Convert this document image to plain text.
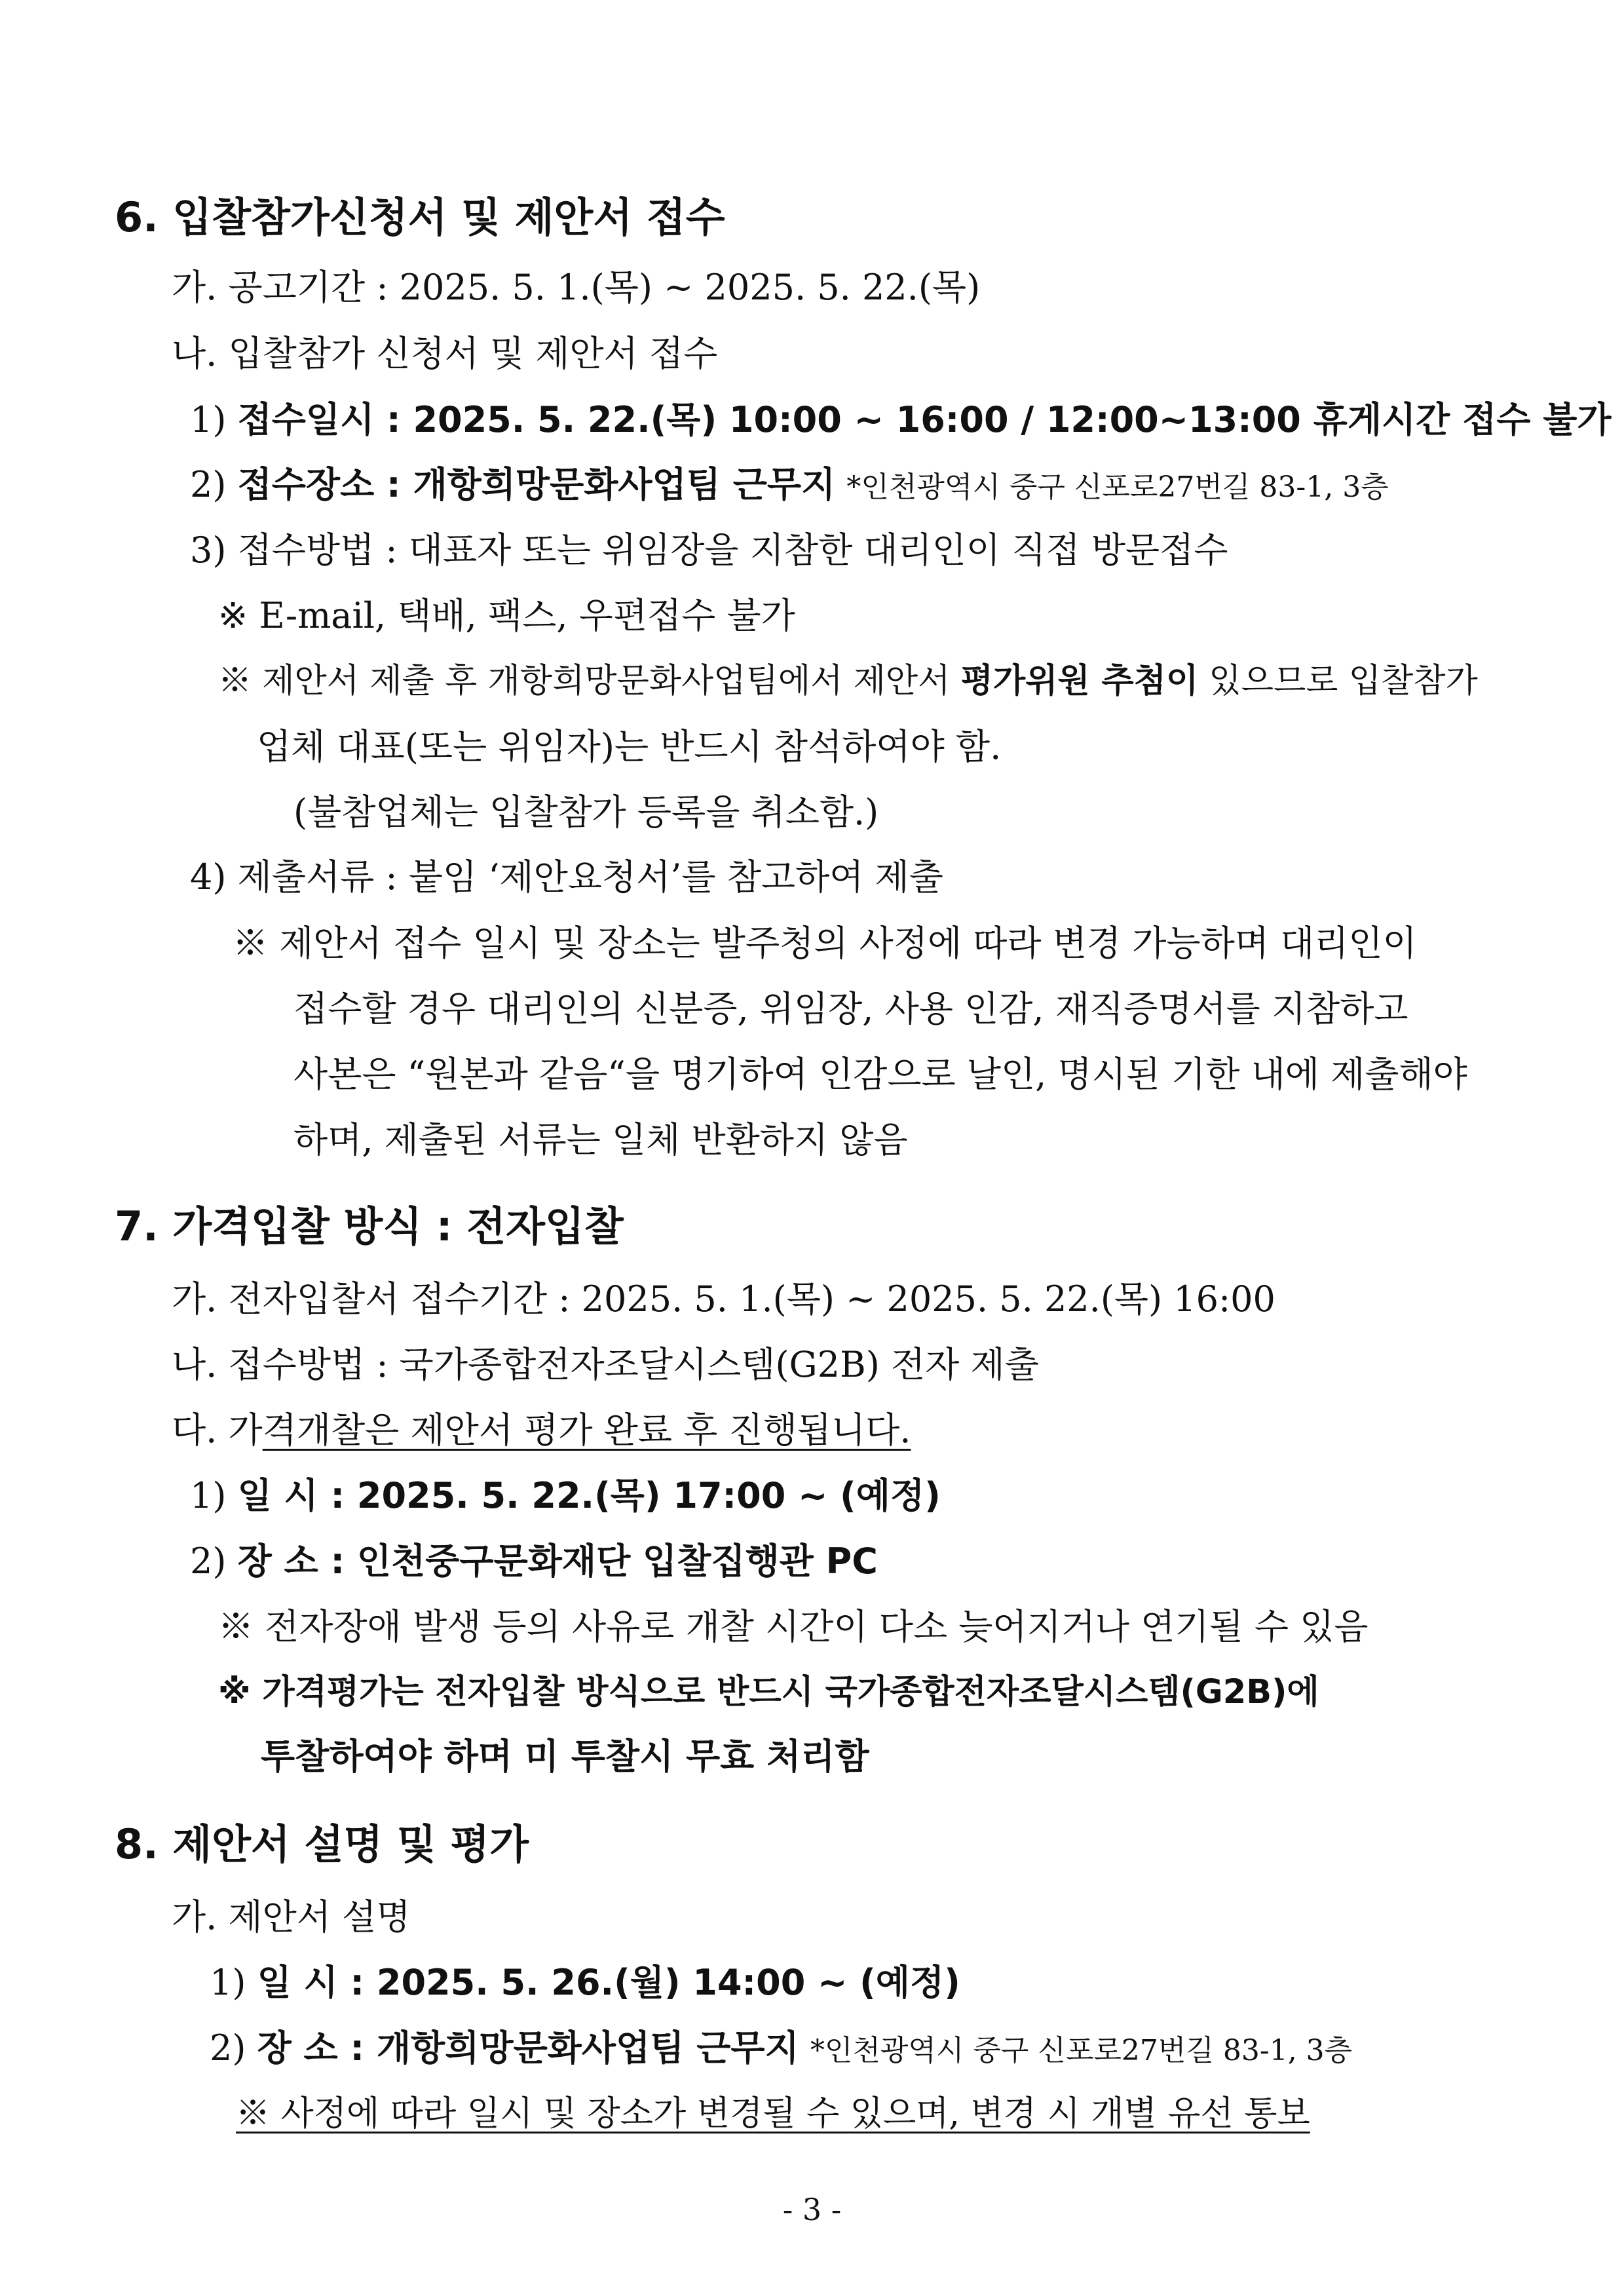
6. 입찰참가신청서 및 제안서 접수
가. 공고기간 : 2025. 5. 1.(목) ~ 2025. 5. 22.(목)
나. 입찰참가 신청서 및 제안서 접수
1) 접수일시 : 2025. 5. 22.(목) 10:00 ~ 16:00 / 12:00~13:00 휴게시간 접수 불가
2) 접수장소 : 개항희망문화사업팀 근무지 *인천광역시 중구 신포로27번길 83-1, 3층
3) 접수방법 : 대표자 또는 위임장을 지참한 대리인이 직접 방문접수
※ E-mail, 택배, 팩스, 우편접수 불가
※ 제안서 제출 후 개항희망문화사업팀에서 제안서 평가위원 추첨이 있으므로 입찰참가
업체 대표(또는 위임자)는 반드시 참석하여야 함.
(불참업체는 입찰참가 등록을 취소함.)
4) 제출서류 : 붙임 ‘제안요청서’를 참고하여 제출
※ 제안서 접수 일시 및 장소는 발주청의 사정에 따라 변경 가능하며 대리인이
접수할 경우 대리인의 신분증, 위임장, 사용 인감, 재직증명서를 지참하고
사본은 “원본과 같음“을 명기하여 인감으로 날인, 명시된 기한 내에 제출해야
하며, 제출된 서류는 일체 반환하지 않음
7. 가격입찰 방식 : 전자입찰
가. 전자입찰서 접수기간 : 2025. 5. 1.(목) ~ 2025. 5. 22.(목) 16:00
나. 접수방법 : 국가종합전자조달시스템(G2B) 전자 제출
다. 가격개찰은 제안서 평가 완료 후 진행됩니다.
1) 일 시 : 2025. 5. 22.(목) 17:00 ~ (예정)
2) 장 소 : 인천중구문화재단 입찰집행관 PC
※ 전자장애 발생 등의 사유로 개찰 시간이 다소 늦어지거나 연기될 수 있음
※ 가격평가는 전자입찰 방식으로 반드시 국가종합전자조달시스템(G2B)에
투찰하여야 하며 미 투찰시 무효 처리함
8. 제안서 설명 및 평가
가. 제안서 설명
1) 일 시 : 2025. 5. 26.(월) 14:00 ~ (예정)
2) 장 소 : 개항희망문화사업팀 근무지 *인천광역시 중구 신포로27번길 83-1, 3층
※ 사정에 따라 일시 및 장소가 변경될 수 있으며, 변경 시 개별 유선 통보
- 3 -
